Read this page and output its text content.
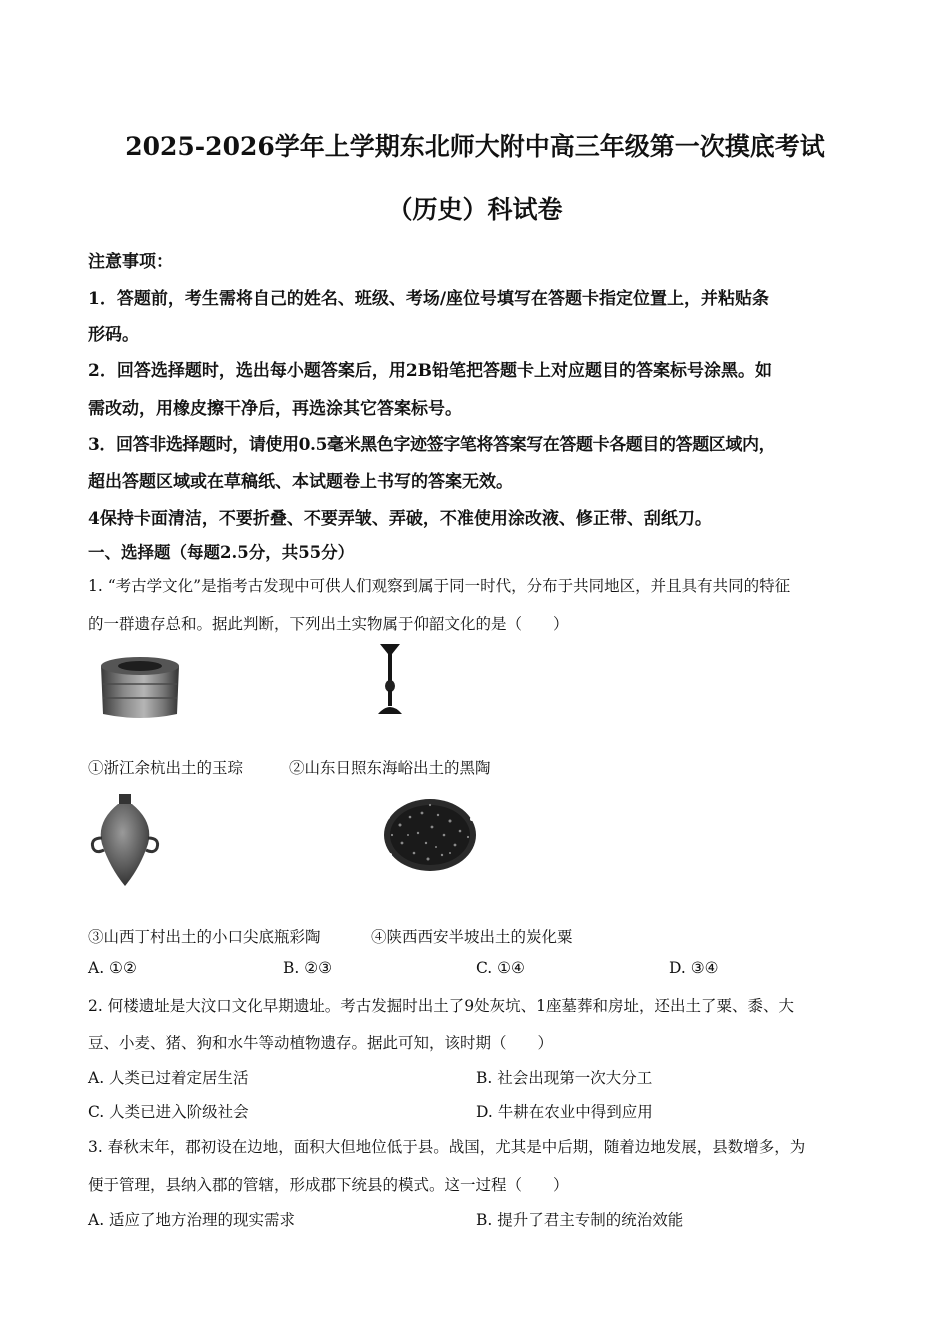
2025-2026学年上学期东北师大附中高三年级第一次摸底考试
（历史）科试卷
注意事项：
1．答题前，考生需将自己的姓名、班级、考场/座位号填写在答题卡指定位置上，并粘贴条
形码。
2．回答选择题时，选出每小题答案后，用2B铅笔把答题卡上对应题目的答案标号涂黑。如
需改动，用橡皮擦干净后，再选涂其它答案标号。
3．回答非选择题时，请使用0.5毫米黑色字迹签字笔将答案写在答题卡各题目的答题区域内，
超出答题区域或在草稿纸、本试题卷上书写的答案无效。
4保持卡面清洁，不要折叠、不要弄皱、弄破，不准使用涂改液、修正带、刮纸刀。
一、选择题（每题2.5分，共55分）
1. “考古学文化”是指考古发现中可供人们观察到属于同一时代，分布于共同地区，并且具有共同的特征
的一群遗存总和。据此判断，下列出土实物属于仰韶文化的是（　　）
①浙江余杭出土的玉琮	②山东日照东海峪出土的黑陶
③山西丁村出土的小口尖底瓶彩陶	④陕西西安半坡出土的炭化粟
A. ①②	B. ②③	C. ①④	D. ③④
2. 何楼遗址是大汶口文化早期遗址。考古发掘时出土了9处灰坑、1座墓葬和房址，还出土了粟、黍、大
豆、小麦、猪、狗和水牛等动植物遗存。据此可知，该时期（　　）
A. 人类已过着定居生活	B. 社会出现第一次大分工
C. 人类已进入阶级社会	D. 牛耕在农业中得到应用
3. 春秋末年，郡初设在边地，面积大但地位低于县。战国，尤其是中后期，随着边地发展，县数增多，为
便于管理，县纳入郡的管辖，形成郡下统县的模式。这一过程（　　）
A. 适应了地方治理的现实需求	B. 提升了君主专制的统治效能
